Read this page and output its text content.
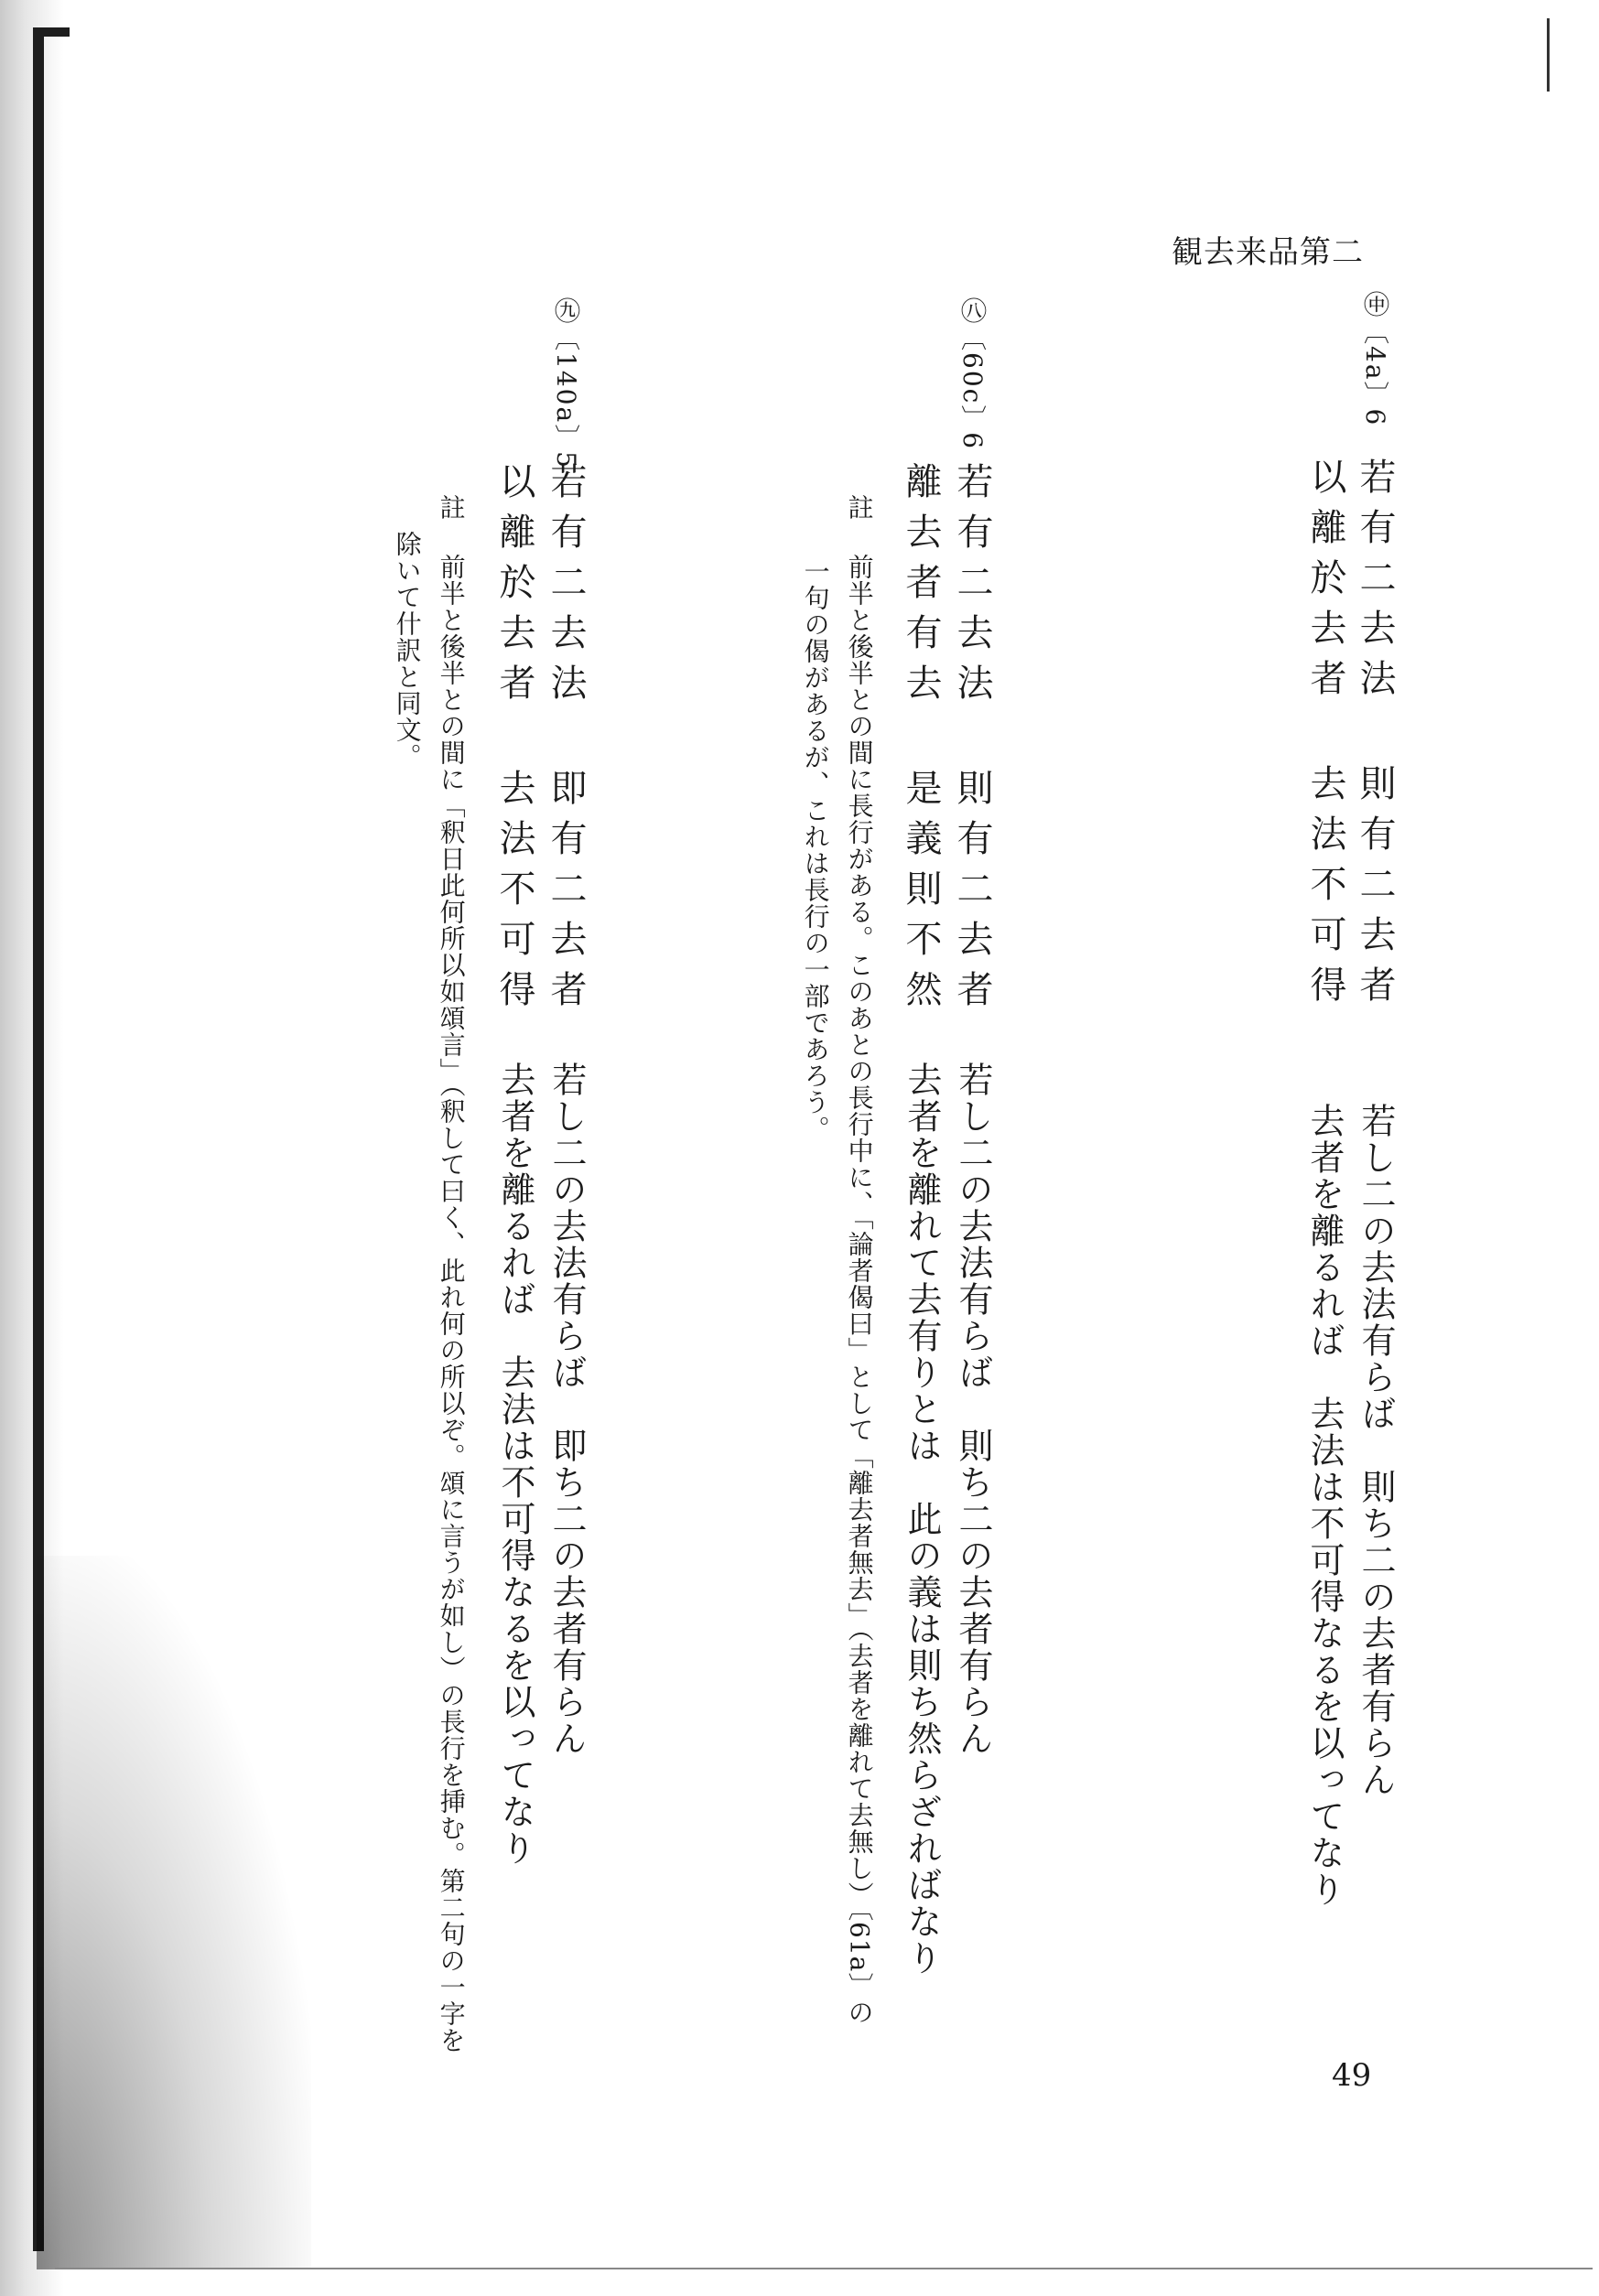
観去来品第二
㊥〔4a〕6
若有二去法則有二去者
以離於去者去法不可得
若し二の去法有らば　則ち二の去者有らん
去者を離るれば　去法は不可得なるを以ってなり
㊇〔60c〕6
若有二去法則有二去者
離去者有去是義則不然
若し二の去法有らば　則ち二の去者有らん
去者を離れて去有りとは　此の義は則ち然らざればなり
註前半と後半との間に長行がある。このあとの長行中に、「論者偈曰」として「離去者無去」（去者を離れて去無し）〔61a〕の
一句の偈があるが、これは長行の一部であろう。
㊈〔140a〕5
若有二去法即有二去者
以離於去者去法不可得
若し二の去法有らば　即ち二の去者有らん
去者を離るれば　去法は不可得なるを以ってなり
註前半と後半との間に「釈日此何所以如頌言」（釈して曰く、此れ何の所以ぞ。頌に言うが如し）の長行を挿む。第二句の一字を
除いて什訳と同文。
49
